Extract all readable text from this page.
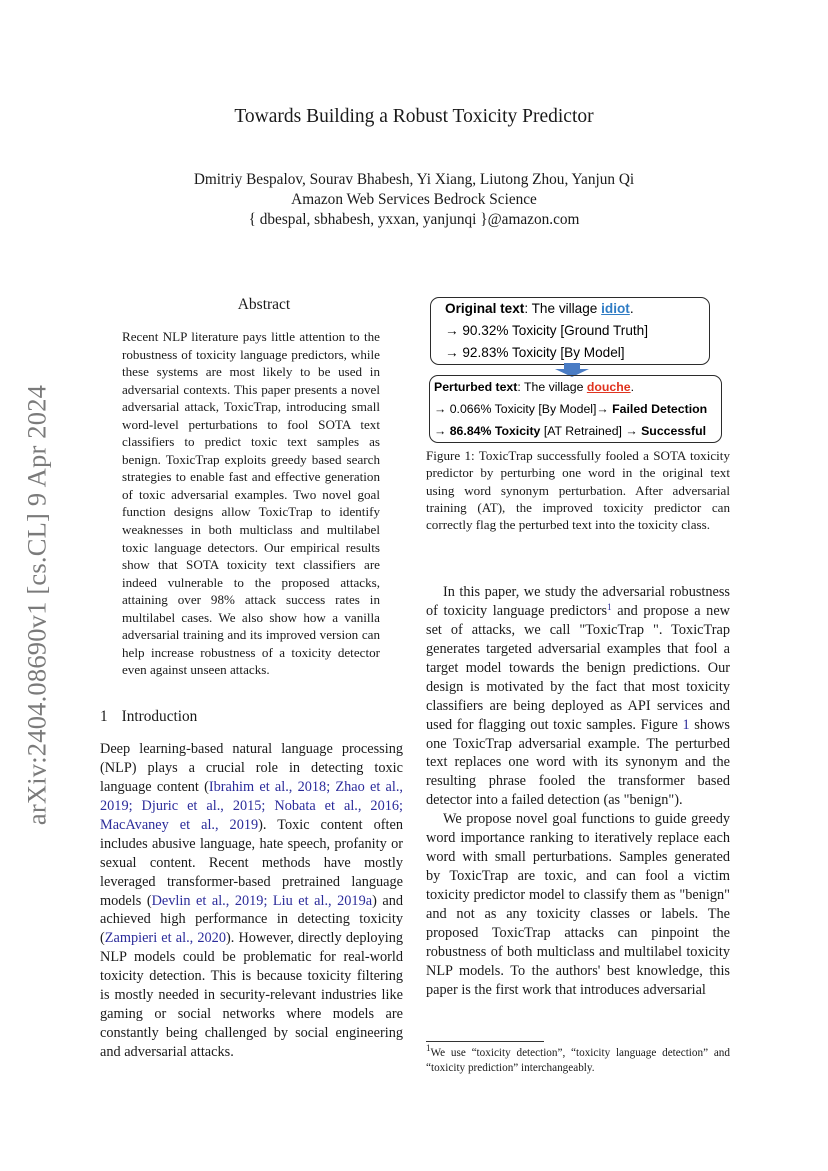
arXiv:2404.08690v1 [cs.CL] 9 Apr 2024
Towards Building a Robust Toxicity Predictor
Dmitriy Bespalov, Sourav Bhabesh, Yi Xiang, Liutong Zhou, Yanjun Qi
Amazon Web Services Bedrock Science
{ dbespal, sbhabesh, yxxan, yanjunqi }@amazon.com
Abstract
Recent NLP literature pays little attention to the robustness of toxicity language predictors, while these systems are most likely to be used in adversarial contexts. This paper presents a novel adversarial attack, ToxicTrap, introducing small word-level perturbations to fool SOTA text classifiers to predict toxic text samples as benign. ToxicTrap exploits greedy based search strategies to enable fast and effective generation of toxic adversarial examples. Two novel goal function designs allow ToxicTrap to identify weaknesses in both multiclass and multilabel toxic language detectors. Our empirical results show that SOTA toxicity text classifiers are indeed vulnerable to the proposed attacks, attaining over 98% attack success rates in multilabel cases. We also show how a vanilla adversarial training and its improved version can help increase robustness of a toxicity detector even against unseen attacks.
1 Introduction

Deep learning-based natural language processing (NLP) plays a crucial role in detecting toxic language content (Ibrahim et al., 2018; Zhao et al., 2019; Djuric et al., 2015; Nobata et al., 2016; MacAvaney et al., 2019). Toxic content often includes abusive language, hate speech, profanity or sexual content. Recent methods have mostly leveraged transformer-based pretrained language models (Devlin et al., 2019; Liu et al., 2019a) and achieved high performance in detecting toxicity (Zampieri et al., 2020). However, directly deploying NLP models could be problematic for real-world toxicity detection. This is because toxicity filtering is mostly needed in security-relevant industries like gaming or social networks where models are constantly being challenged by social engineering and adversarial attacks.

Original text: The village idiot.
→ 90.32% Toxicity [Ground Truth]
→ 92.83% Toxicity [By Model]
Perturbed text: The village douche.
→ 0.066% Toxicity [By Model]→ Failed Detection
→ 86.84% Toxicity [AT Retrained] → Successful
Figure 1: ToxicTrap successfully fooled a SOTA toxicity predictor by perturbing one word in the original text using word synonym perturbation. After adversarial training (AT), the improved toxicity predictor can correctly flag the perturbed text into the toxicity class.

In this paper, we study the adversarial robustness of toxicity language predictors$^1$ and propose a new set of attacks, we call "ToxicTrap ". ToxicTrap generates targeted adversarial examples that fool a target model towards the benign predictions. Our design is motivated by the fact that most toxicity classifiers are being deployed as API services and used for flagging out toxic samples. Figure 1 shows one ToxicTrap adversarial example. The perturbed text replaces one word with its synonym and the resulting phrase fooled the transformer based detector into a failed detection (as "benign").

We propose novel goal functions to guide greedy word importance ranking to iteratively replace each word with small perturbations. Samples generated by ToxicTrap are toxic, and can fool a victim toxicity predictor model to classify them as "benign" and not as any toxicity classes or labels. The proposed ToxicTrap attacks can pinpoint the robustness of both multiclass and multilabel toxicity NLP models. To the authors' best knowledge, this paper is the first work that introduces adversarial

$^1$We use “toxicity detection”, “toxicity language detection” and “toxicity prediction” interchangeably.
